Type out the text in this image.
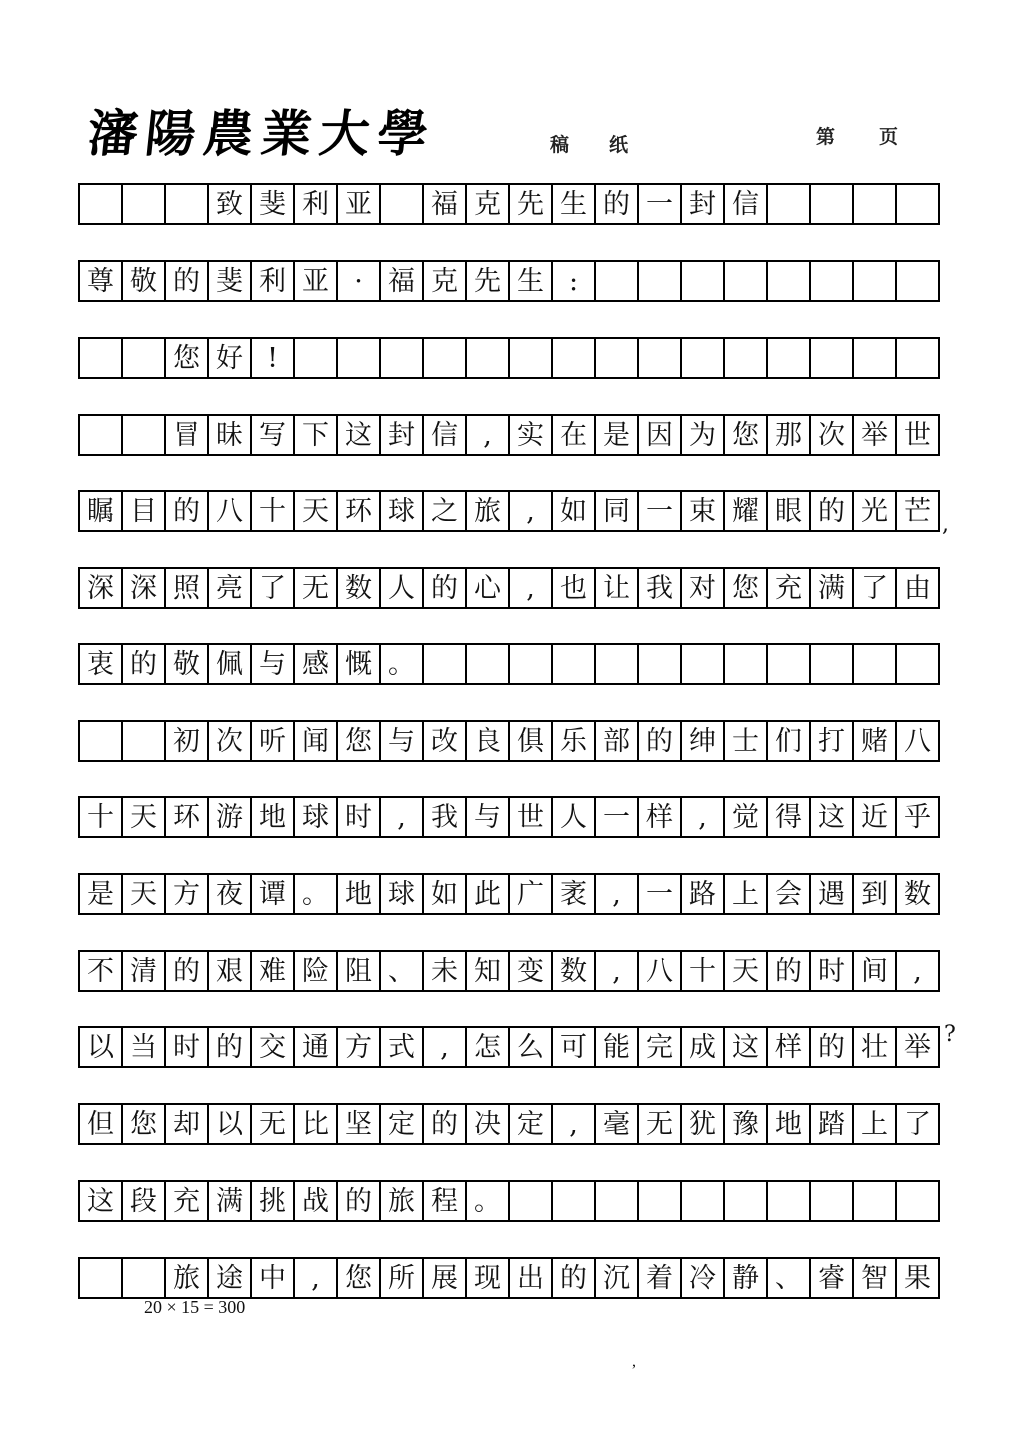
瀋陽農業大學	稿纸	第 页
致 斐 利 亚	福 克 先 生 的 一 封 信
尊 敬 的 斐 利 亚 · 福 克 先 生 :
您 好 !
冒 昧 写 下 这 封 信 , 实 在 是 因 为 您 那 次 举 世
瞩 目 的 八 十 天 环 球 之 旅 , 如 同 一 束 耀 眼 的 光 芒
深 深 照 亮 了 无 数 人 的 心 , 也 让 我 对 您 充 满 了 由
衷 的 敬 佩 与 感 慨 。
初 次 听 闻 您 与 改 良 俱 乐 部 的 绅 士 们 打 赌 八
十 天 环 游 地 球 时 , 我 与 世 人 一 样 , 觉 得 这 近 乎
是 天 方 夜 谭 。 地 球 如 此 广 袤 , 一 路 上 会 遇 到 数
不 清 的 艰 难 险 阻 、 未 知 变 数 , 八 十 天 的 时 间 ,
以 当 时 的 交 通 方 式 , 怎 么 可 能 完 成 这 样 的 壮 举
但 您 却 以 无 比 坚 定 的 决 定 , 毫 无 犹 豫 地 踏 上 了
这 段 充 满 挑 战 的 旅 程 。
旅 途 中 , 您 所 展 现 出 的 沉 着 冷 静 、 睿 智 果
,
?
20 × 15 = 300
,
